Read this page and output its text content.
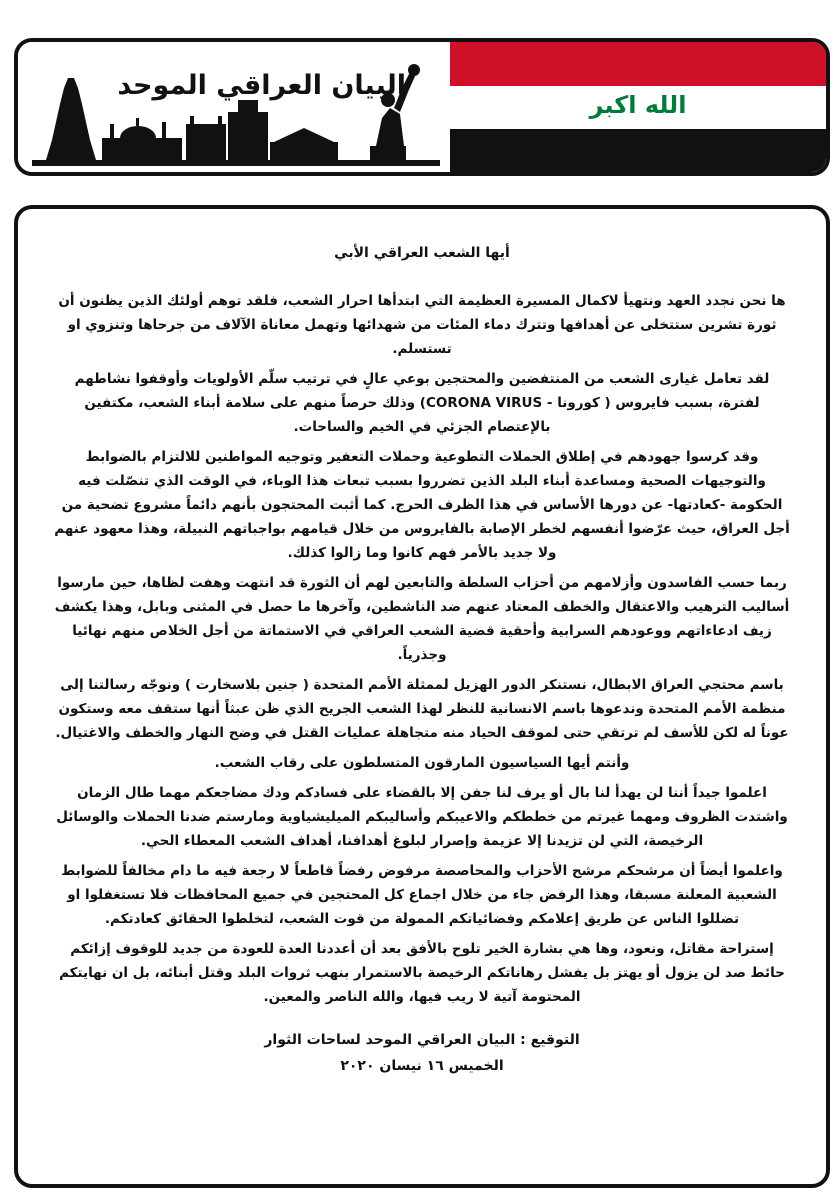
البيان العراقي الموحد
الله اكبر

أيها الشعب العراقي الأبي

ها نحن نجدد العهد ونتهيأ لاكمال المسيرة العظيمة التي ابتدأها احرار الشعب، فلقد توهم أولئك الذين يظنون أن ثورة تشرين ستتخلى عن أهدافها وتترك دماء المئات من شهدائها وتهمل معاناة الآلاف من جرحاها وتنزوي او تستسلم.

لقد تعامل غيارى الشعب من المنتفضين والمحتجين بوعي عالٍ في ترتيب سلّم الأولويات وأوقفوا نشاطهم لفترة، بسبب فايروس ( كورونا - CORONA VIRUS) وذلك حرصاً منهم على سلامة أبناء الشعب، مكتفين بالإعتصام الجزئي في الخيم والساحات.

وقد كرسوا جهودهم في إطلاق الحملات التطوعية وحملات التعفير وتوجيه المواطنين للالتزام بالضوابط والتوجيهات الصحية ومساعدة أبناء البلد الذين تضرروا بسبب تبعات هذا الوباء، في الوقت الذي تنصّلت فيه الحكومة -كعادتها- عن دورها الأساس في هذا الظرف الحرج. كما أثبت المحتجون بأنهم دائماً مشروع تضحية من أجل العراق، حيث عرّضوا أنفسهم لخطر الإصابة بالفايروس من خلال قيامهم بواجباتهم النبيلة، وهذا معهود عنهم ولا جديد بالأمر فهم كانوا وما زالوا كذلك.

ربما حسب الفاسدون وأزلامهم من أحزاب السلطة والتابعين لهم أن الثورة قد انتهت وهفت لظاها، حين مارسوا أساليب الترهيب والاعتقال والخطف المعتاد عنهم ضد الناشطين، وآخرها ما حصل في المثنى وبابل، وهذا يكشف زيف ادعاءاتهم ووعودهم السرابية وأحقية قضية الشعب العراقي في الاستماتة من أجل الخلاص منهم نهائيا وجذرياً.

باسم محتجي العراق الابطال، نستنكر الدور الهزيل لممثلة الأمم المتحدة ( جنين بلاسخارت ) ونوجّه رسالتنا إلى منظمة الأمم المتحدة وندعوها باسم الانسانية للنظر لهذا الشعب الجريح الذي ظن عبثاً أنها ستقف معه وستكون عوناً له لكن للأسف لم ترتقي حتى لموقف الحياد منه متجاهلة عمليات القتل في وضح النهار والخطف والاغتيال.

وأنتم أيها السياسيون المارقون المتسلطون على رقاب الشعب.

اعلموا جيداً أننا لن يهدأ لنا بال أو يرف لنا جفن إلا بالقضاء على فسادكم ودك مضاجعكم مهما طال الزمان واشتدت الظروف ومهما غيرتم من خططكم والاعيبكم وأساليبكم الميليشياوية ومارستم ضدنا الحملات والوسائل الرخيصة، التي لن تزيدنا إلا عزيمة وإصرار لبلوغ أهدافنا، أهداف الشعب المعطاء الحي.

واعلموا أيضاً أن مرشحكم مرشح الأحزاب والمحاصصة مرفوض رفضاً قاطعاً لا رجعة فيه ما دام مخالفاً للضوابط الشعبية المعلنة مسبقا، وهذا الرفض جاء من خلال اجماع كل المحتجين في جميع المحافظات فلا تستغفلوا او تضللوا الناس عن طريق إعلامكم وفضائياتكم الممولة من قوت الشعب، لتخلطوا الحقائق كعادتكم.

إستراحة مقاتل، ونعود، وها هي بشارة الخير تلوح بالأفق بعد أن أعددنا العدة للعودة من جديد للوقوف إزائكم حائط صد لن يزول أو يهتز بل يفشل رهاناتكم الرخيصة بالاستمرار بنهب ثروات البلد وقتل أبنائه، بل ان نهايتكم المحتومة آتية لا ريب فيها، والله الناصر والمعين.

التوقيع : البيان العراقي الموحد لساحات الثوار
الخميس ١٦ نيسان ٢٠٢٠
